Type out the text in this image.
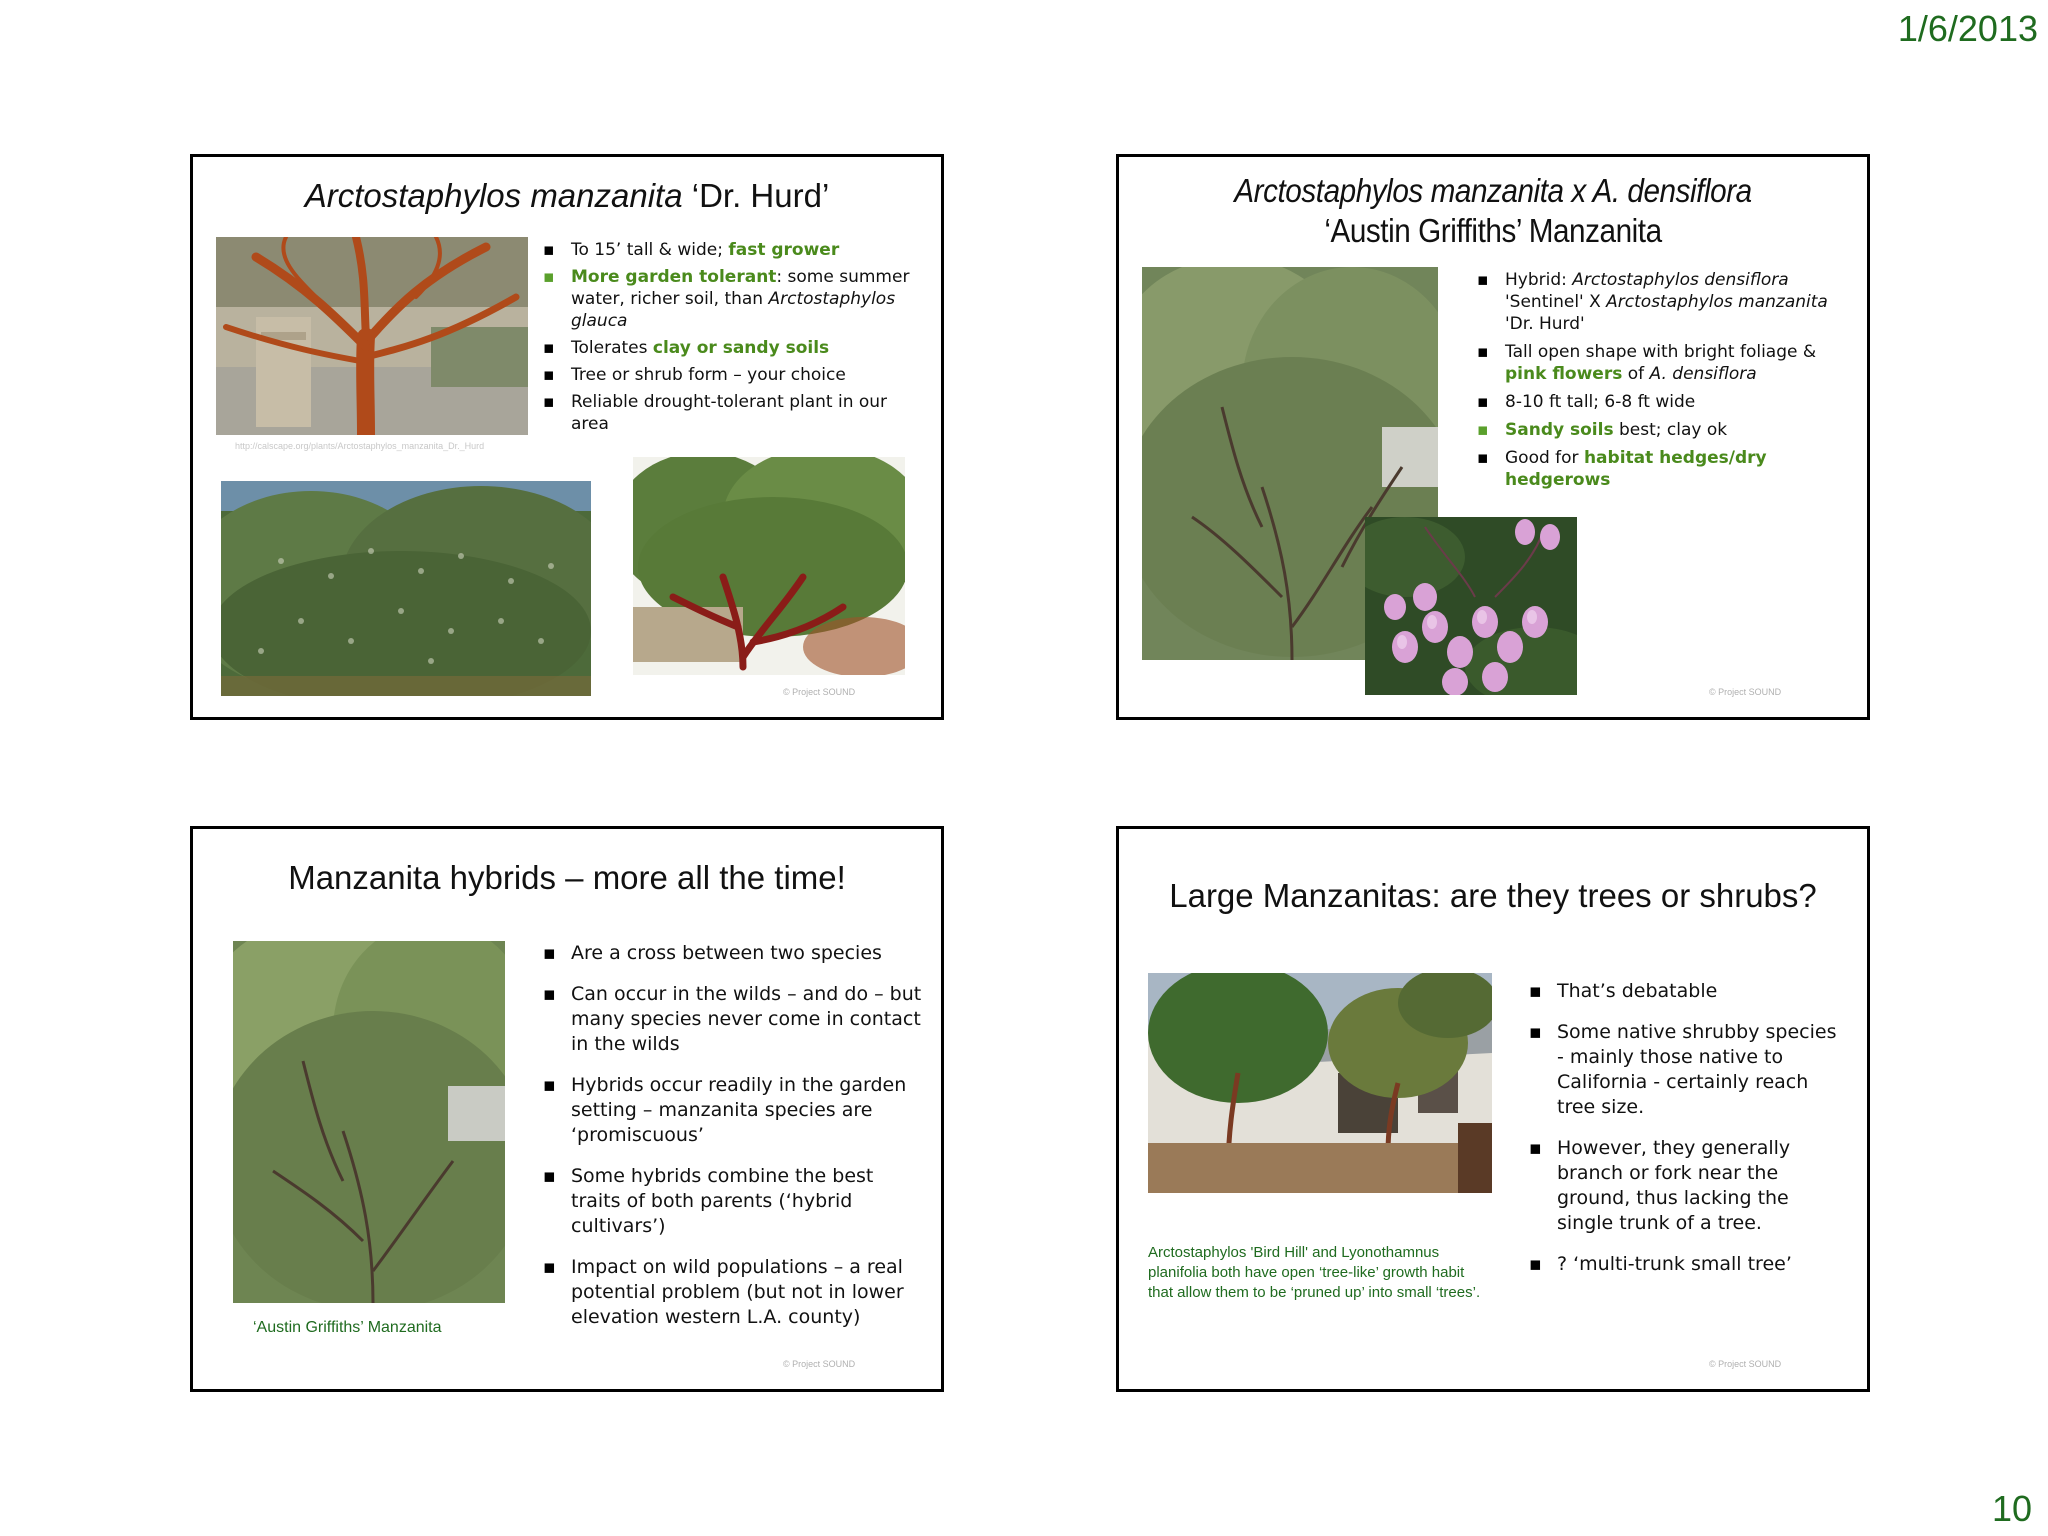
1/6/2013
Arctostaphylos manzanita ‘Dr. Hurd’
http://calscape.org/plants/Arctostaphylos_manzanita_Dr._Hurd
▪ To 15’ tall & wide; fast grower
▪ More garden tolerant: some summer water, richer soil, than Arctostaphylos glauca
▪ Tolerates clay or sandy soils
▪ Tree or shrub form – your choice
▪ Reliable drought-tolerant plant in our area
© Project SOUND
Arctostaphylos manzanita x A. densiflora
‘Austin Griffiths’ Manzanita
▪ Hybrid: Arctostaphylos densiflora 'Sentinel' X Arctostaphylos manzanita 'Dr. Hurd'
▪ Tall open shape with bright foliage & pink flowers of A. densiflora
▪ 8-10 ft tall; 6-8 ft wide
▪ Sandy soils best; clay ok
▪ Good for habitat hedges/dry hedgerows
© Project SOUND
Manzanita hybrids – more all the time!
‘Austin Griffiths’ Manzanita
▪ Are a cross between two species
▪ Can occur in the wilds – and do – but many species never come in contact in the wilds
▪ Hybrids occur readily in the garden setting – manzanita species are ‘promiscuous’
▪ Some hybrids combine the best traits of both parents (‘hybrid cultivars’)
▪ Impact on wild populations – a real potential problem (but not in lower elevation western L.A. county)
© Project SOUND
Large Manzanitas: are they trees or shrubs?
Arctostaphylos 'Bird Hill' and Lyonothamnus planifolia both have open ‘tree-like’ growth habit that allow them to be ‘pruned up’ into small ‘trees’.
▪ That’s debatable
▪ Some native shrubby species - mainly those native to California - certainly reach tree size.
▪ However, they generally branch or fork near the ground, thus lacking the single trunk of a tree.
▪ ? ‘multi-trunk small tree’
© Project SOUND
10
